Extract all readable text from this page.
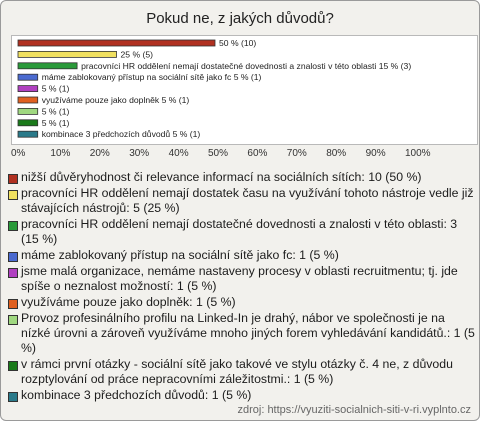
Pokud ne, z jakých důvodů?
50 % (10)
25 % (5)
pracovníci HR oddělení nemají dostatečné dovednosti a znalosti v této oblasti 15 % (3)
máme zablokovaný přístup na sociální sítě jako fc 5 % (1)
5 % (1)
využíváme pouze jako doplněk 5 % (1)
5 % (1)
5 % (1)
kombinace 3 předchozích důvodů 5 % (1)
0% 10% 20% 30% 40% 50% 60% 70% 80% 90% 100%
nižší důvěryhodnost či relevance informací na sociálních sítích: 10 (50 %)
pracovníci HR oddělení nemají dostatek času na využívání tohoto nástroje vedle již stávajících nástrojů: 5 (25 %)
pracovníci HR oddělení nemají dostatečné dovednosti a znalosti v této oblasti: 3 (15 %)
máme zablokovaný přístup na sociální sítě jako fc: 1 (5 %)
jsme malá organizace, nemáme nastaveny procesy v oblasti recruitmentu; tj. jde spíše o neznalost možností: 1 (5 %)
využíváme pouze jako doplněk: 1 (5 %)
Provoz profesinálního profilu na Linked-In je drahý, nábor ve společnosti je na nízké úrovni a zároveň využíváme mnoho jiných forem vyhledávání kandidátů.: 1 (5 %)
v rámci první otázky - sociální sítě jako takové ve stylu otázky č. 4 ne, z důvodu rozptylování od práce nepracovními záležitostmi.: 1 (5 %)
kombinace 3 předchozích důvodů: 1 (5 %)
zdroj: https://vyuziti-socialnich-siti-v-ri.vyplnto.cz
